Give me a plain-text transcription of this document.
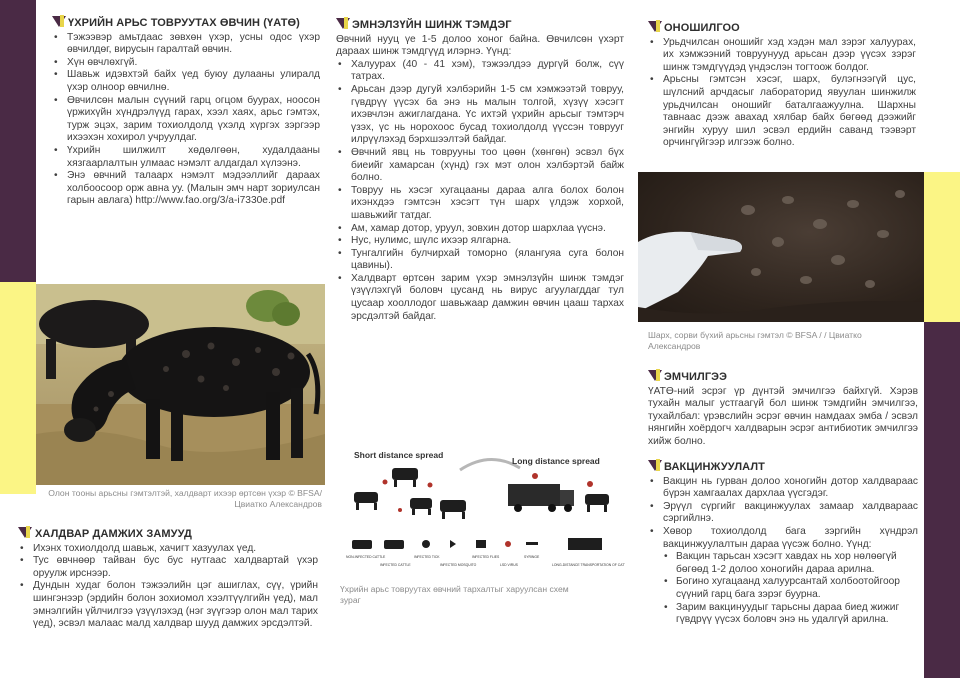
ҮХРИЙН АРЬС ТОВРУУТАХ ӨВЧИН (ҮАТӨ)
• Тэжээвэр амьтдаас зөвхөн үхэр, усны одос үхэр өвчилдөг, вирусын гаралтай өвчин.
• Хүн өвчлөхгүй.
• Шавьж идэвхтэй байх үед буюу дулааны улиралд үхэр олноор өвчилнө.
• Өвчилсөн малын сүүний гарц огцом буурах, ноосон үржихүйн хүндрэлүүд гарах, хээл хаях, арьс гэмтэх, турж эцэх, зарим тохиолдолд үхэлд хүргэх зэргээр ихээхэн хохирол учруулдаг.
• Үхрийн шилжилт хөдөлгөөн, худалдааны хязгаарлалтын улмаас нэмэлт алдагдал хүлээнэ.
• Энэ өвчний талаарх нэмэлт мэдээллийг дараах холбоосоор орж авна уу. (Малын эмч нарт зориулсан гарын авлага) http://www.fao.org/3/a-i7330e.pdf
Олон тооны арьсны гэмтэлтэй, халдварт ихээр өртсөн үхэр © BFSA/Цвиатко Александров
ХАЛДВАР ДАМЖИХ ЗАМУУД
• Ихэнх тохиолдолд шавьж, хачигт хазуулах үед.
• Тус өвчнөөр тайван бус бус нутгаас халдвартай үхэр оруулж ирснээр.
• Дундын худаг болон тэжээлийн цэг ашиглах, сүү, үрийн шингэнээр (эрдийн болон зохиомол хээлтүүлгийн үед), мал эмнэлгийн үйлчилгээ үзүүлэхэд (нэг зүүгээр олон мал тарих үед), эсвэл малаас малд халдвар шууд дамжих эрсдэлтэй.
ЭМНЭЛЗҮЙН ШИНЖ ТЭМДЭГ

Өвчний нууц үе 1-5 долоо хоног байна. Өвчилсөн үхэрт дараах шинж тэмдгүүд илэрнэ. Үүнд:

• Халуурах (40 - 41 хэм), тэжээлдээ дургүй болж, сүү татрах.
• Арьсан дээр дугуй хэлбэрийн 1-5 см хэмжээтэй товруу, гүвдрүү үүсэх ба энэ нь малын толгой, хүзүү хэсэгт ихэвчлэн ажиглагдана. Үс ихтэй үхрийн арьсыг тэмтэрч үзэх, үс нь норохоос бусад тохиолдолд үүссэн товрууг илрүүлэхэд бэрхшээлтэй байдаг.
• Өвчний явц нь товрууны тоо цөөн (хөнгөн) эсвэл бүх биеийг хамарсан (хүнд) гэх мэт олон хэлбэртэй байж болно.
• Товруу нь хэсэг хугацааны дараа алга болох болон ихэнхдээ гэмтсэн хэсэгт түн шарх үлдэж хорхой, шавьжийг татдаг.
• Ам, хамар дотор, уруул, зовхин дотор шархлаа үүснэ.
• Нус, нулимс, шүлс ихээр ялгарна.
• Тунгалгийн булчирхай томорно (ялангуяа суга болон цавины).
• Халдварт өртсөн зарим үхэр эмнэлзүйн шинж тэмдэг үзүүлэхгүй боловч цусанд нь вирус агуулагддаг тул цусаар хооллодог шавьжаар дамжин өвчин цааш тархах эрсдэлтэй байдаг.
Short distance spread
Long distance spread
NON-INFECTED CATTLE
INFECTED CATTLE
INFECTED TICK
INFECTED MOSQUITO
INFECTED FLIES
LSD VIRUS
SYRINGE
LONG-DISTANCE TRANSPORTATION OF CATTLE
Үхрийн арьс товруутах өвчний тархалтыг харуулсан схем зураг
ОНОШИЛГОО
• Урьдчилсан оношийг хэд хэдэн мал зэрэг халуурах, их хэмжээний товруунууд арьсан дээр үүсэх зэрэг шинж тэмдгүүдэд үндэслэн тогтоож болдог.
• Арьсны гэмтсэн хэсэг, шарх, булэгнээгүй цус, шүлсний арчдасыг лабораторид явуулан шинжилж урьдчилсан оношийг баталгаажуулна. Шархны тавнаас дээж авахад хялбар байх бөгөөд дээжийг энгийн хуруу шил эсвэл ердийн саванд тээвэрт орчингүйгээр илгээж болно.
Шарх, сорви бүхий арьсны гэмтэл © BFSA / / Цвиатко Александров
ЭМЧИЛГЭЭ

ҮАТӨ-ний эсрэг үр дүнтэй эмчилгээ байхгүй. Хэрэв тухайн малыг устгаагүй бол шинж тэмдгийн эмчилгээ, тухайлбал: үрэвслийн эсрэг өвчин намдаах эмба / эсвэл нянгийн хоёрдогч халдварын эсрэг антибиотик эмчилгээ хийж болно.

ВАКЦИНЖУУЛАЛТ
• Вакцин нь гурван долоо хоногийн дотор халдвараас бүрэн хамгаалах дархлаа үүсгэдэг.
• Эрүүл сүргийг вакцинжуулах замаар халдвараас сэргийлнэ.
• Хөвор тохиолдолд бага зэргийн хүндрэл вакцинжуулалтын дараа үүсэж болно. Үүнд:
• Вакцин тарьсан хэсэгт хавдах нь хор нөлөөгүй бөгөөд 1-2 долоо хоногийн дараа арилна.
• Богино хугацаанд халуурсантай холбоотойгоор сүүний гарц бага зэрэг буурна.
• Зарим вакцинуудыг тарьсны дараа биед жижиг гүвдрүү үүсэх боловч энэ нь удалгүй арилна.
